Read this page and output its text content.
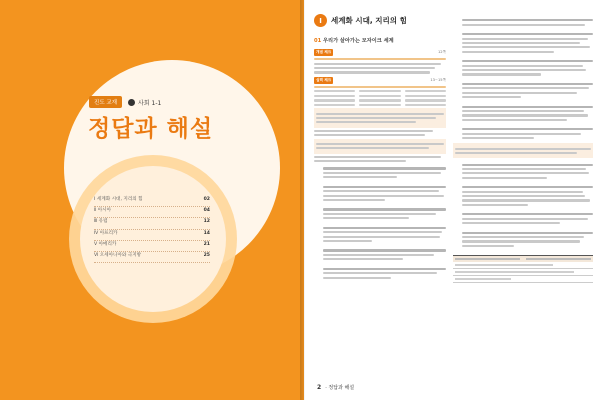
진도 교재	사회 1-1
정답과 해설
Ⅰ 세계화 시대, 지리의 힘	02
Ⅱ 아시아	04
Ⅲ 유럽	12
Ⅳ 아프리카	14
Ⅴ 아메리카	21
Ⅵ 오세아니아와 극지방	25
Ⅰ	세계화 시대, 지리의 힘
01 우리가 살아가는 모자이크 세계
개념 체크	12쪽
실력 체크	13~15쪽
2 · 정답과 해설
